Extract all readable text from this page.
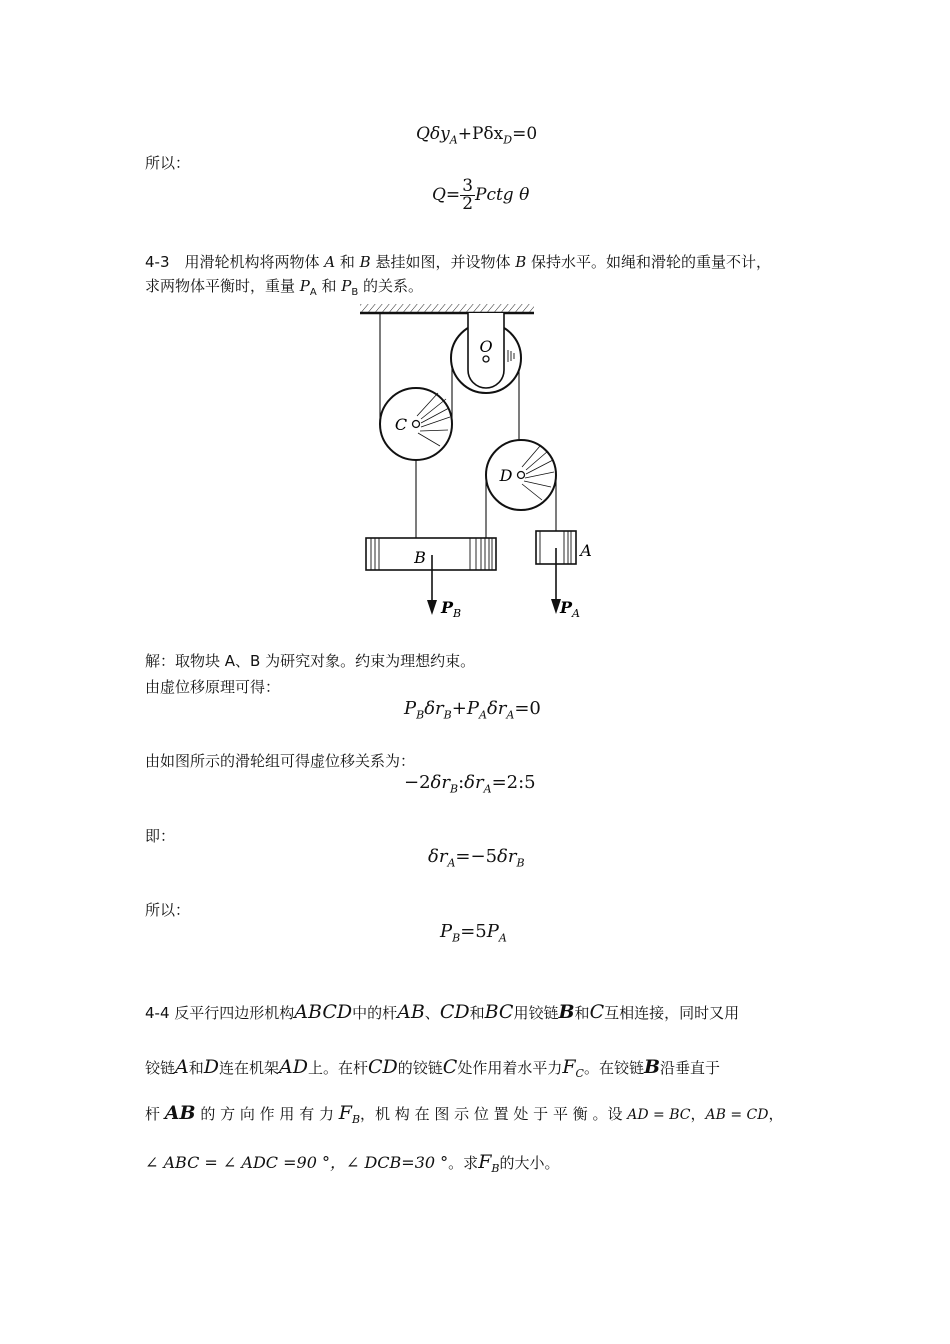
Qδy$_A$+Pδx$_D$=0
所以：
$Q= \frac{3}{2}$ Pctg θ
4-3　用滑轮机构将两物体 A 和 B 悬挂如图，并设物体 B 保持水平。如绳和滑轮的重量不计，
求两物体平衡时，重量 $P_A$ 和 $P_B$ 的关系。
O
C
D
B	A
$P_B$	$P_A$
解：取物块 A、B 为研究对象。约束为理想约束。
由虚位移原理可得：
$P_B\delta r_B+P_A\delta r_A=0$
由如图所示的滑轮组可得虚位移关系为：
$-2\delta r_B:\delta r_A=2:5$
即：
$\delta r_A=-5\delta r_B$
所以：
$P_B=5P_A$
4-4 反平行四边形机构ABCD中的杆AB、CD和BC用铰链B和C互相连接，同时又用
铰链A和D连在机架AD上。在杆CD的铰链C处作用着水平力$F_C$。在铰链B沿垂直于
杆 AB 的 方 向 作 用 有 力 $F_B$，机 构 在 图 示 位 置 处 于 平 衡 。设 AD = BC，AB = CD，
∠ ABC = ∠ ADC =90 °，∠ DCB=30 °。求$F_B$的大小。
